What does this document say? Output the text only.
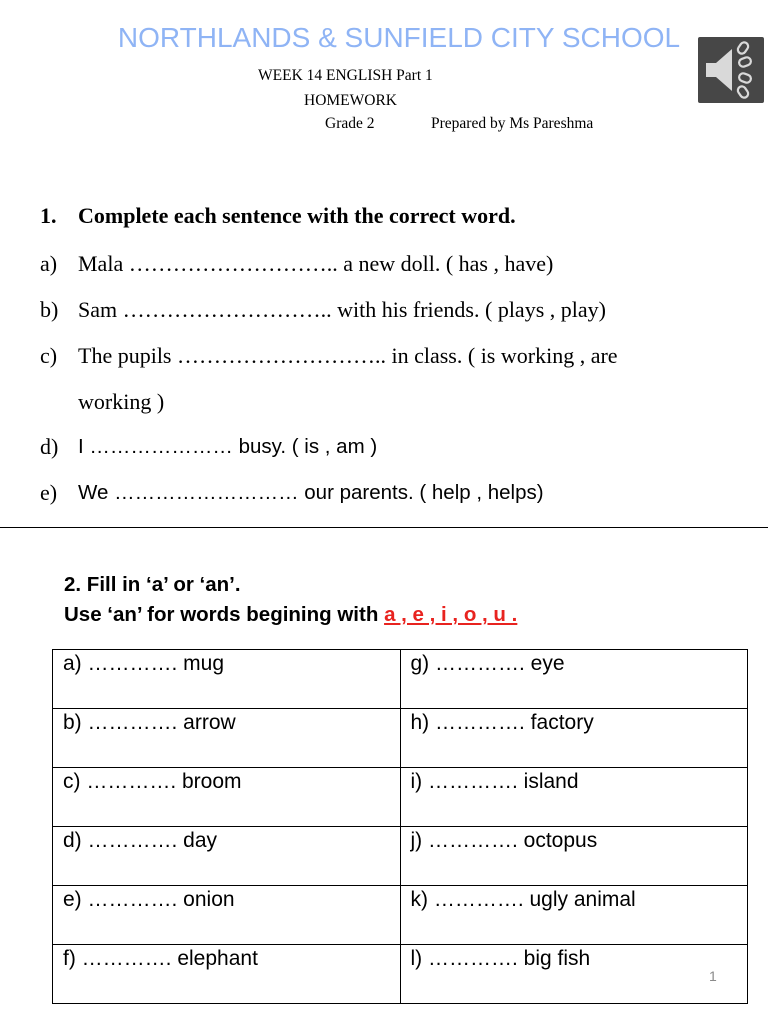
NORTHLANDS & SUNFIELD CITY SCHOOL
WEEK 14 ENGLISH Part 1
HOMEWORK
Grade 2	Prepared by Ms Pareshma
1. Complete each sentence with the correct word.
a) Mala ……………………….. a new doll. ( has , have)
b) Sam ……………………….. with his friends. ( plays , play)
c) The pupils ……………………….. in class. ( is working , are
working )
d) I ………………… busy. ( is , am )
e) We ……………………… our parents. ( help , helps)
2. Fill in ‘a’ or ‘an’.
Use ‘an’ for words begining with a , e , i , o , u .
a) …………. mug	g) …………. eye
b) …………. arrow	h) …………. factory
c) …………. broom	i) …………. island
d) …………. day	j) …………. octopus
e) …………. onion	k) …………. ugly animal
f) …………. elephant	l) …………. big fish
1
